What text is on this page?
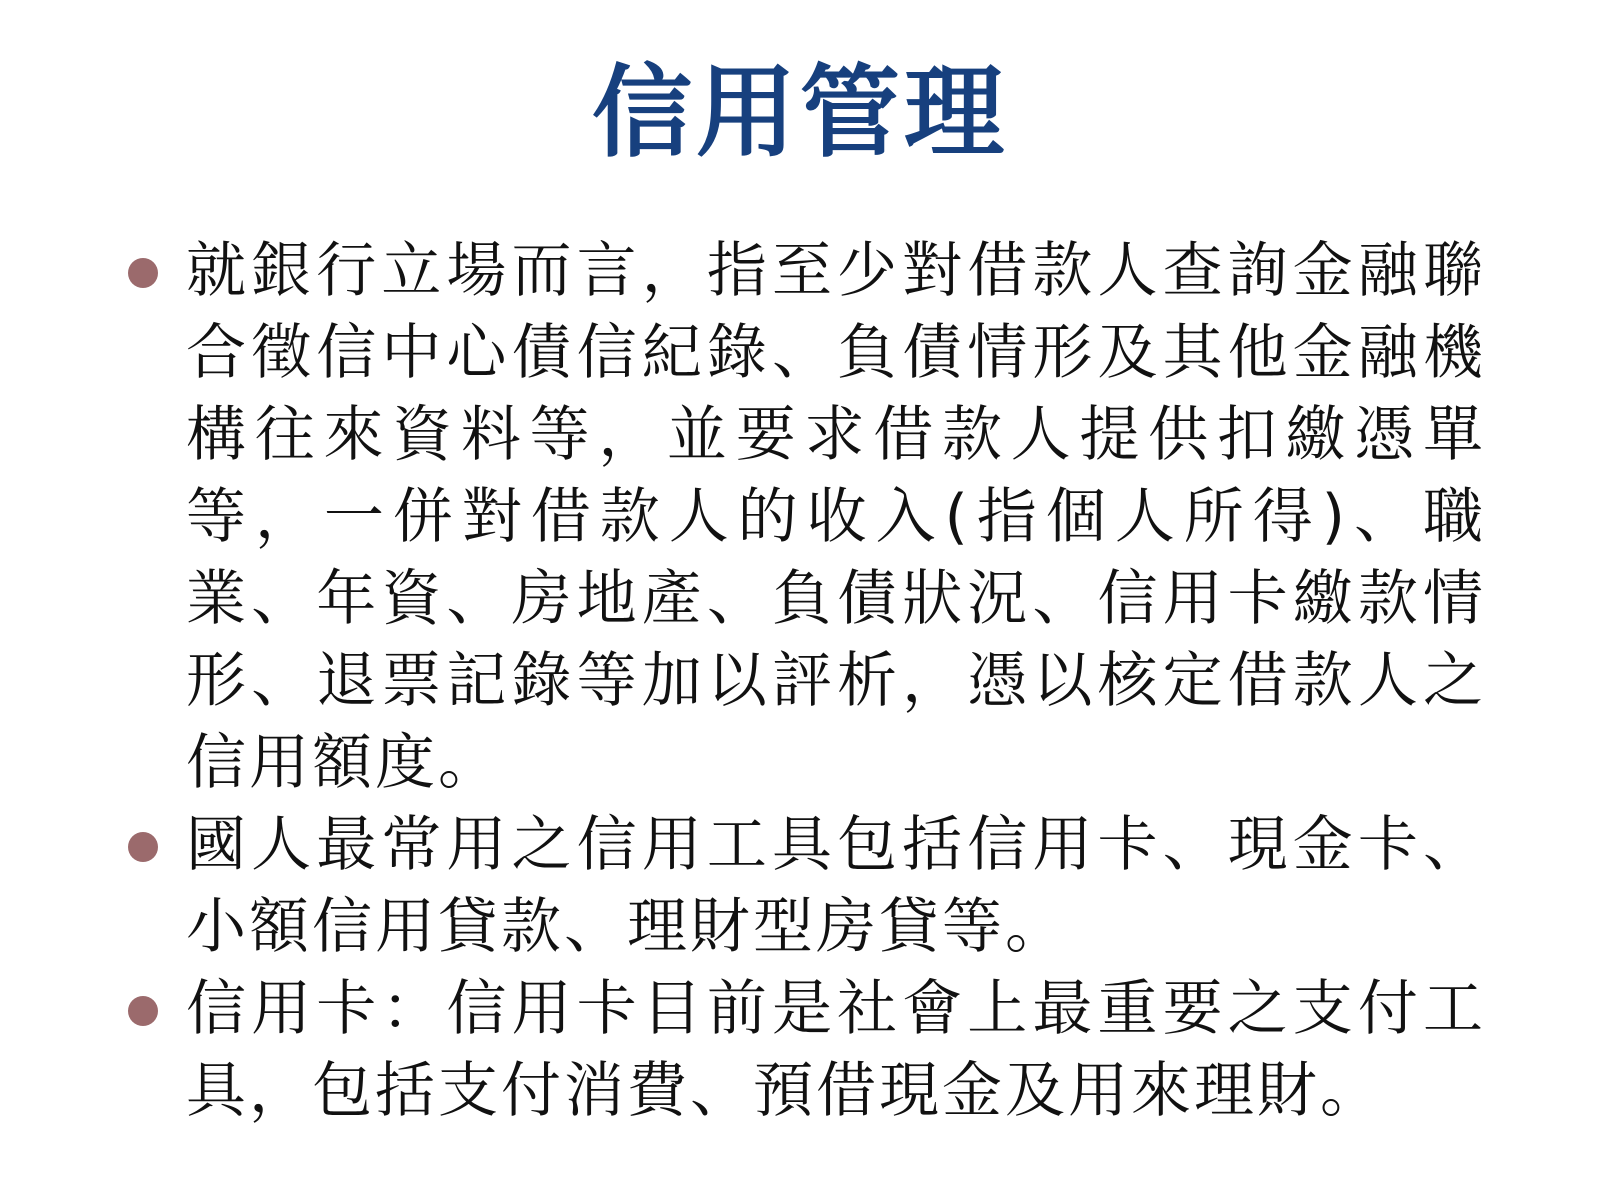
信用管理
就銀行立場而言，指至少對借款人查詢金融聯合徵信中心債信紀錄、負債情形及其他金融機構往來資料等，並要求借款人提供扣繳憑單等，一併對借款人的收入(指個人所得)、職業、年資、房地產、負債狀況、信用卡繳款情形、退票記錄等加以評析，憑以核定借款人之信用額度。
國人最常用之信用工具包括信用卡、現金卡、小額信用貸款、理財型房貸等。
信用卡：信用卡目前是社會上最重要之支付工具，包括支付消費、預借現金及用來理財。
